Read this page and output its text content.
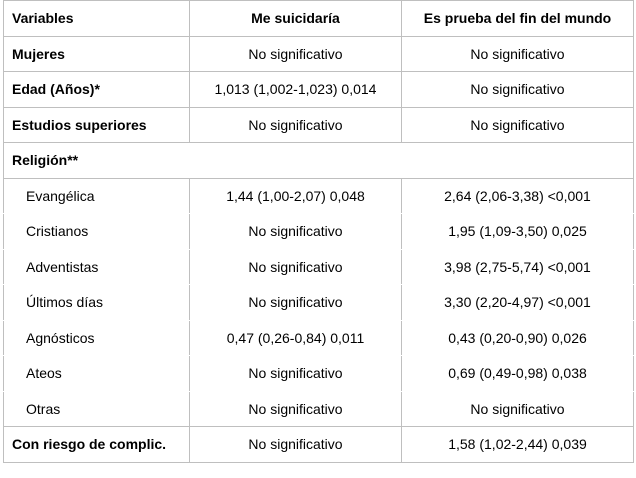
Variables	Me suicidaría	Es prueba del fin del mundo
Mujeres	No significativo	No significativo
Edad (Años)*	1,013 (1,002-1,023) 0,014	No significativo
Estudios superiores	No significativo	No significativo
Religión**		
Evangélica	1,44 (1,00-2,07) 0,048	2,64 (2,06-3,38) <0,001
Cristianos	No significativo	1,95 (1,09-3,50) 0,025
Adventistas	No significativo	3,98 (2,75-5,74) <0,001
Últimos días	No significativo	3,30 (2,20-4,97) <0,001
Agnósticos	0,47 (0,26-0,84) 0,011	0,43 (0,20-0,90) 0,026
Ateos	No significativo	0,69 (0,49-0,98) 0,038
Otras	No significativo	No significativo
Con riesgo de complic.	No significativo	1,58 (1,02-2,44) 0,039
